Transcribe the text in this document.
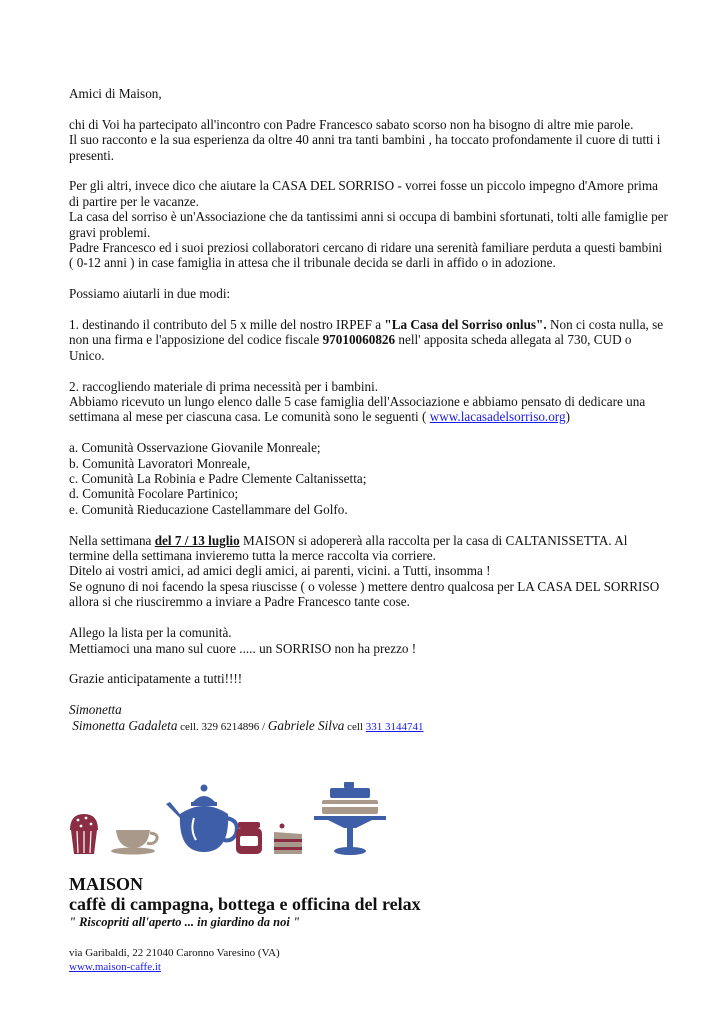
Amici di Maison,

chi di Voi ha partecipato all'incontro con Padre Francesco sabato scorso non ha bisogno di altre mie parole.

Il suo racconto e la sua esperienza da oltre 40 anni tra tanti bambini , ha toccato profondamente il cuore di tutti i presenti.

Per gli altri, invece dico che aiutare la CASA DEL SORRISO - vorrei fosse un piccolo impegno d'Amore prima di partire per le vacanze.

La casa del sorriso è un'Associazione che da tantissimi anni si occupa di bambini sfortunati, tolti alle famiglie per gravi problemi.

Padre Francesco ed i suoi preziosi collaboratori cercano di ridare una serenità familiare perduta a questi bambini ( 0-12 anni ) in case famiglia in attesa che il tribunale decida se darli in affido o in adozione.

Possiamo aiutarli in due modi:

1. destinando il contributo del 5 x mille del nostro IRPEF a "La Casa del Sorriso onlus". Non ci costa nulla, se non una firma e l'apposizione del codice fiscale 97010060826 nell' apposita scheda allegata al 730, CUD o Unico.

2. raccogliendo materiale di prima necessità per i bambini.

Abbiamo ricevuto un lungo elenco dalle 5 case famiglia dell'Associazione e abbiamo pensato di dedicare una settimana al mese per ciascuna casa. Le comunità sono le seguenti ( www.lacasadelsorriso.org)

a. Comunità Osservazione Giovanile Monreale;

b. Comunità Lavoratori Monreale,

c. Comunità La Robinia e Padre Clemente Caltanissetta;

d. Comunità Focolare Partinico;

e. Comunità Rieducazione Castellammare del Golfo.

Nella settimana del 7 / 13 luglio MAISON si adopererà alla raccolta per la casa di CALTANISSETTA. Al termine della settimana invieremo tutta la merce raccolta via corriere.

Ditelo ai vostri amici, ad amici degli amici, ai parenti, vicini. a Tutti, insomma !

Se ognuno di noi facendo la spesa riuscisse ( o volesse ) mettere dentro qualcosa per LA CASA DEL SORRISO allora si che riusciremmo a inviare a Padre Francesco tante cose.

Allego la lista per la comunità.

Mettiamoci una mano sul cuore ..... un SORRISO non ha prezzo !

Grazie anticipatamente a tutti!!!!

Simonetta

Simonetta Gadaleta cell. 329 6214896 / Gabriele Silva cell 331 3144741

MAISON
caffè di campagna, bottega e officina del relax
" Riscopriti all'aperto ... in giardino da noi "
via Garibaldi, 22 21040 Caronno Varesino (VA)
www.maison-caffe.it
